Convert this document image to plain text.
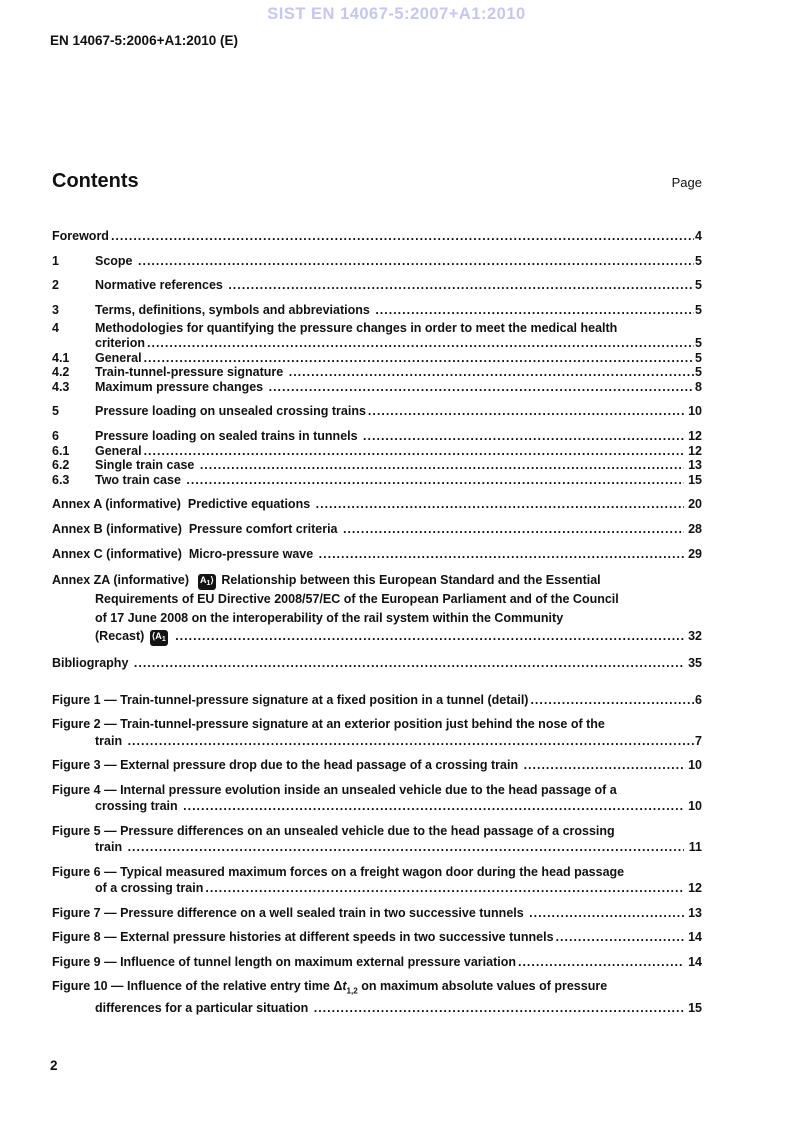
SIST EN 14067-5:2007+A1:2010
EN 14067-5:2006+A1:2010 (E)
Contents	Page
Foreword .....	4
1	Scope .....	5
2	Normative references .....	5
3	Terms, definitions, symbols and abbreviations .....	5
4	Methodologies for quantifying the pressure changes in order to meet the medical health
criterion .....	5
4.1 General .....	5
4.2 Train-tunnel-pressure signature .....	5
4.3 Maximum pressure changes .....	8
5	Pressure loading on unsealed crossing trains .....	10
6	Pressure loading on sealed trains in tunnels .....	12
6.1 General .....	12
6.2 Single train case .....	13
6.3 Two train case .....	15
Annex A (informative)  Predictive equations .....	20
Annex B (informative)  Pressure comfort criteria .....	28
Annex C (informative)  Micro-pressure wave .....	29
Annex ZA (informative)  $A_1⟩$ Relationship between this European Standard and the Essential
Requirements of EU Directive 2008/57/EC of the European Parliament and of the Council
of 17 June 2008 on the interoperability of the rail system within the Community
(Recast) $⟨A_1$ .....	32
Bibliography .....	35
Figure 1 — Train-tunnel-pressure signature at a fixed position in a tunnel (detail) .....	6
Figure 2 — Train-tunnel-pressure signature at an exterior position just behind the nose of the
train .....	7
Figure 3 — External pressure drop due to the head passage of a crossing train .....	10
Figure 4 — Internal pressure evolution inside an unsealed vehicle due to the head passage of a
crossing train .....	10
Figure 5 — Pressure differences on an unsealed vehicle due to the head passage of a crossing
train .....	11
Figure 6 — Typical measured maximum forces on a freight wagon door during the head passage
of a crossing train .....	12
Figure 7 — Pressure difference on a well sealed train in two successive tunnels .....	13
Figure 8 — External pressure histories at different speeds in two successive tunnels .....	14
Figure 9 — Influence of tunnel length on maximum external pressure variation .....	14
Figure 10 — Influence of the relative entry time $\Delta t_{1,2}$ on maximum absolute values of pressure
differences for a particular situation .....	15
2
